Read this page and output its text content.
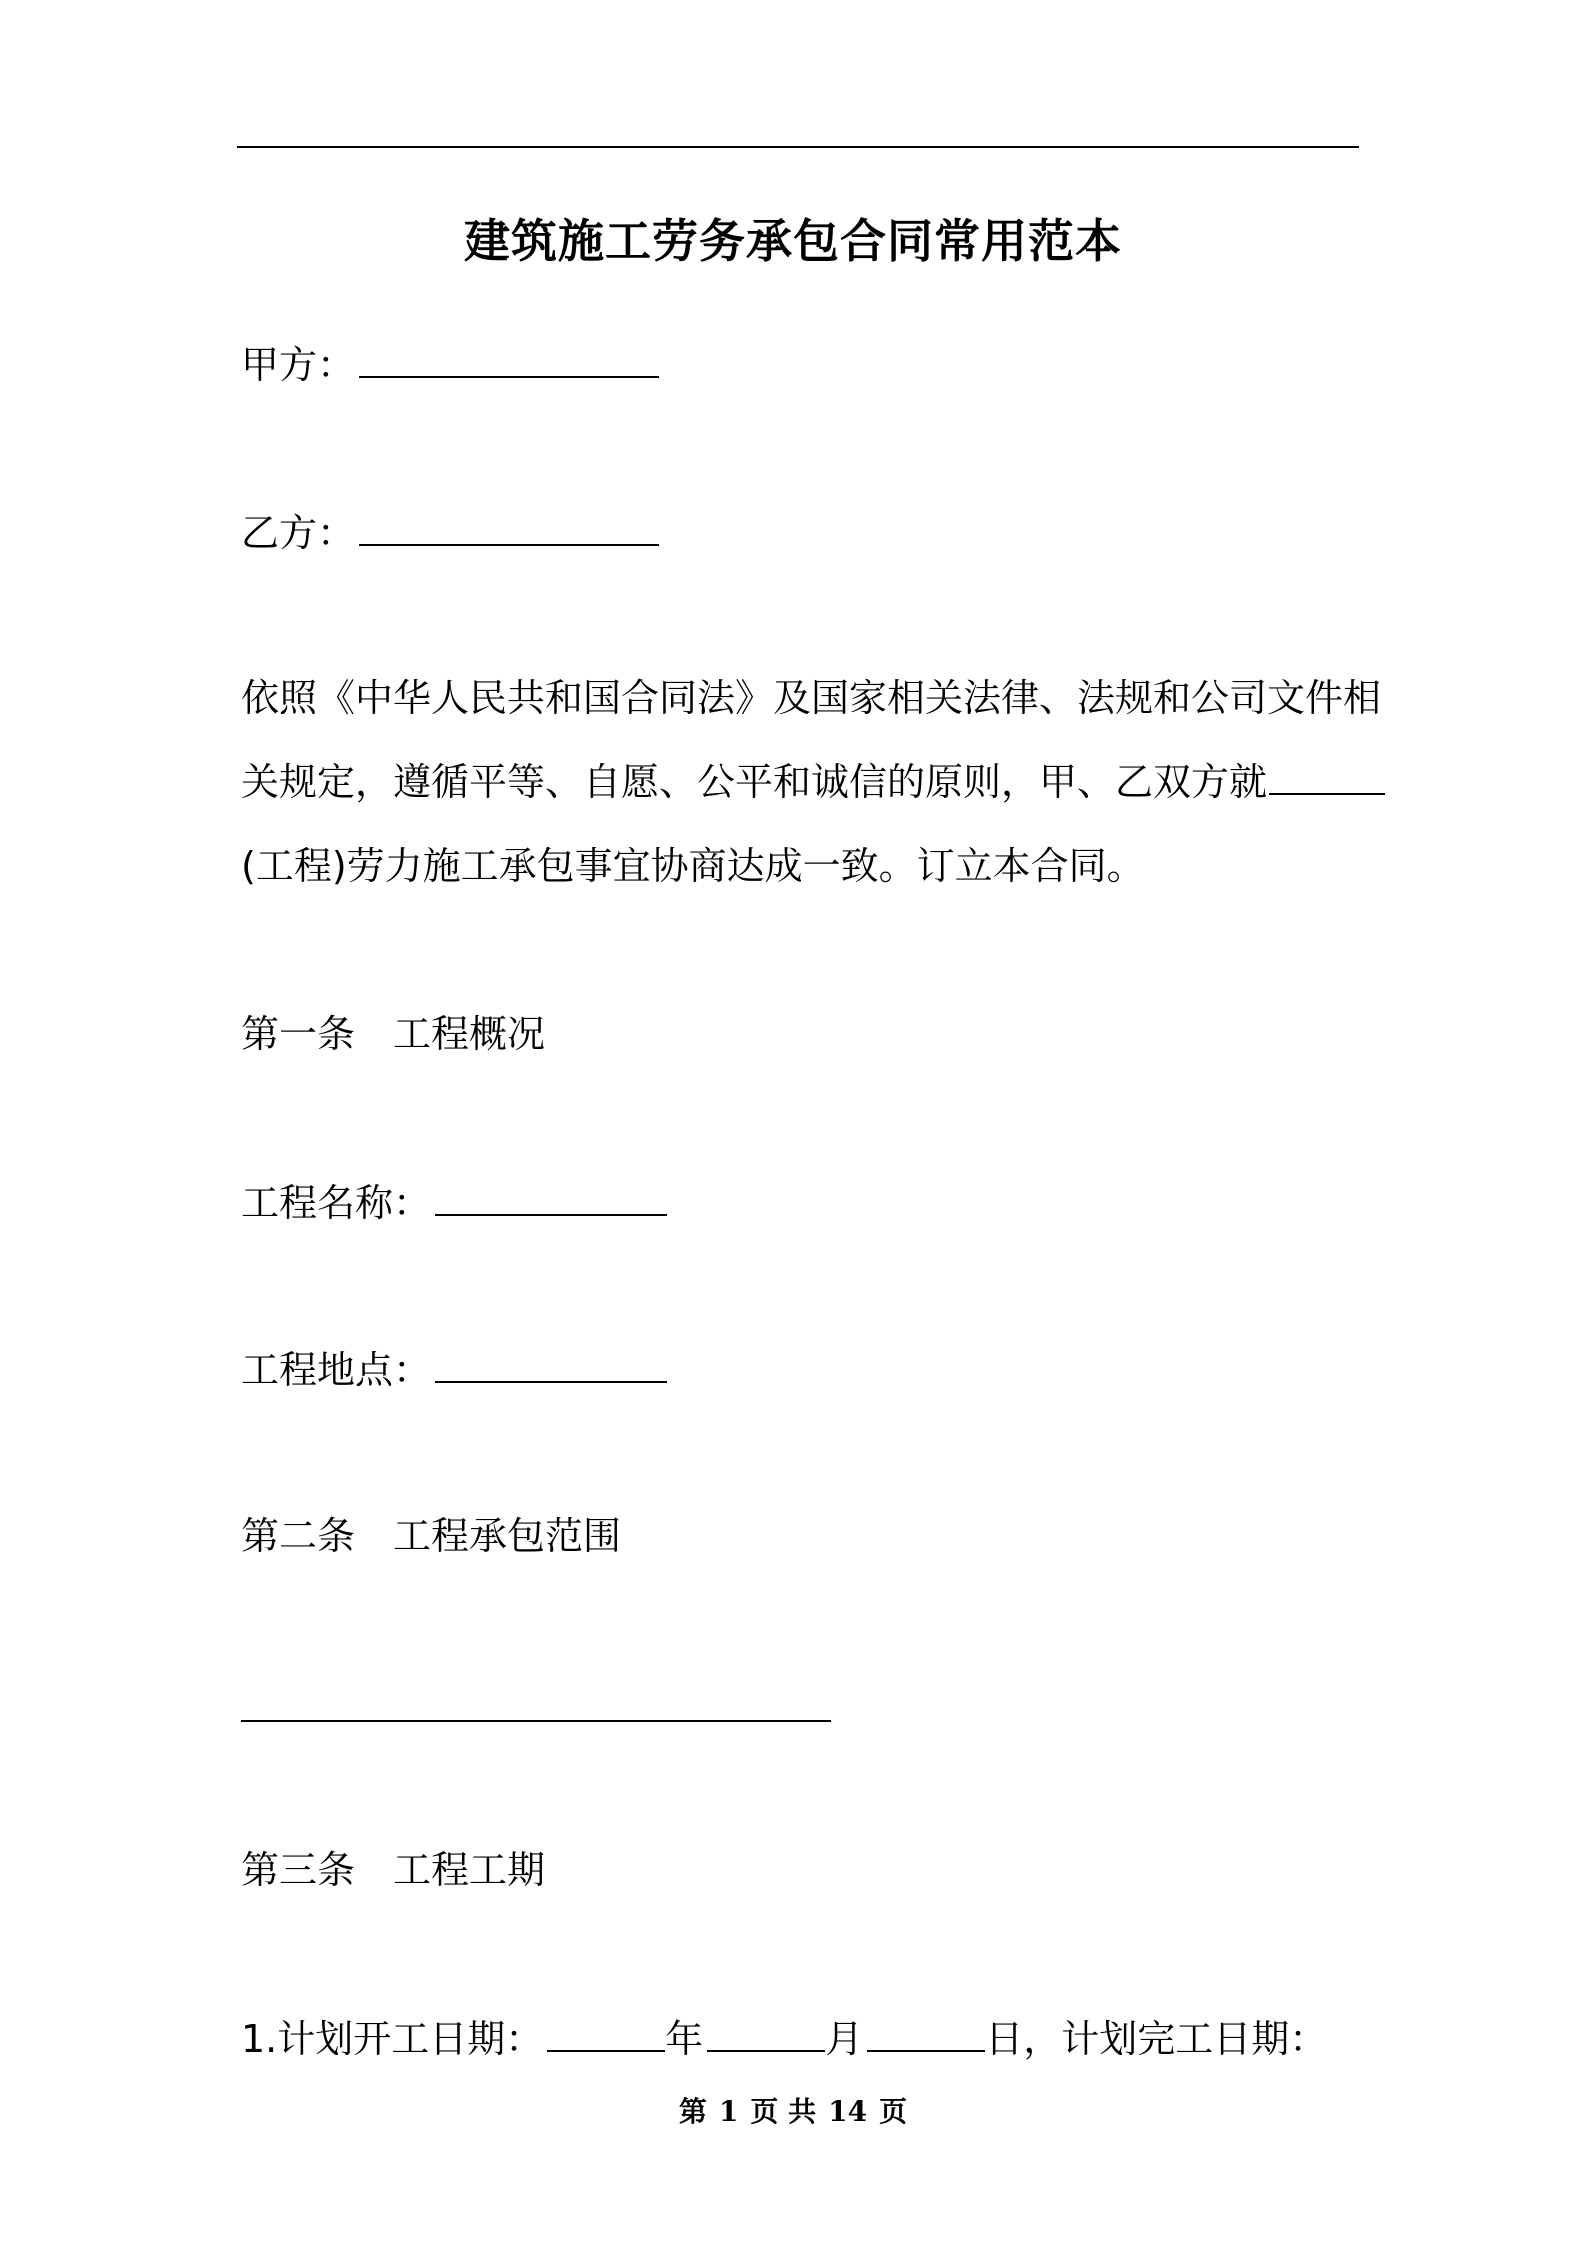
建筑施工劳务承包合同常用范本
甲方：
乙方：
依照《中华人民共和国合同法》及国家相关法律、法规和公司文件相
关规定，遵循平等、自愿、公平和诚信的原则，甲、乙双方就
(工程)劳力施工承包事宜协商达成一致。订立本合同。
第一条 工程概况
工程名称：
工程地点：
第二条 工程承包范围
第三条 工程工期
1.计划开工日期：	年	月	日，计划完工日期：
第 1 页 共 14 页
